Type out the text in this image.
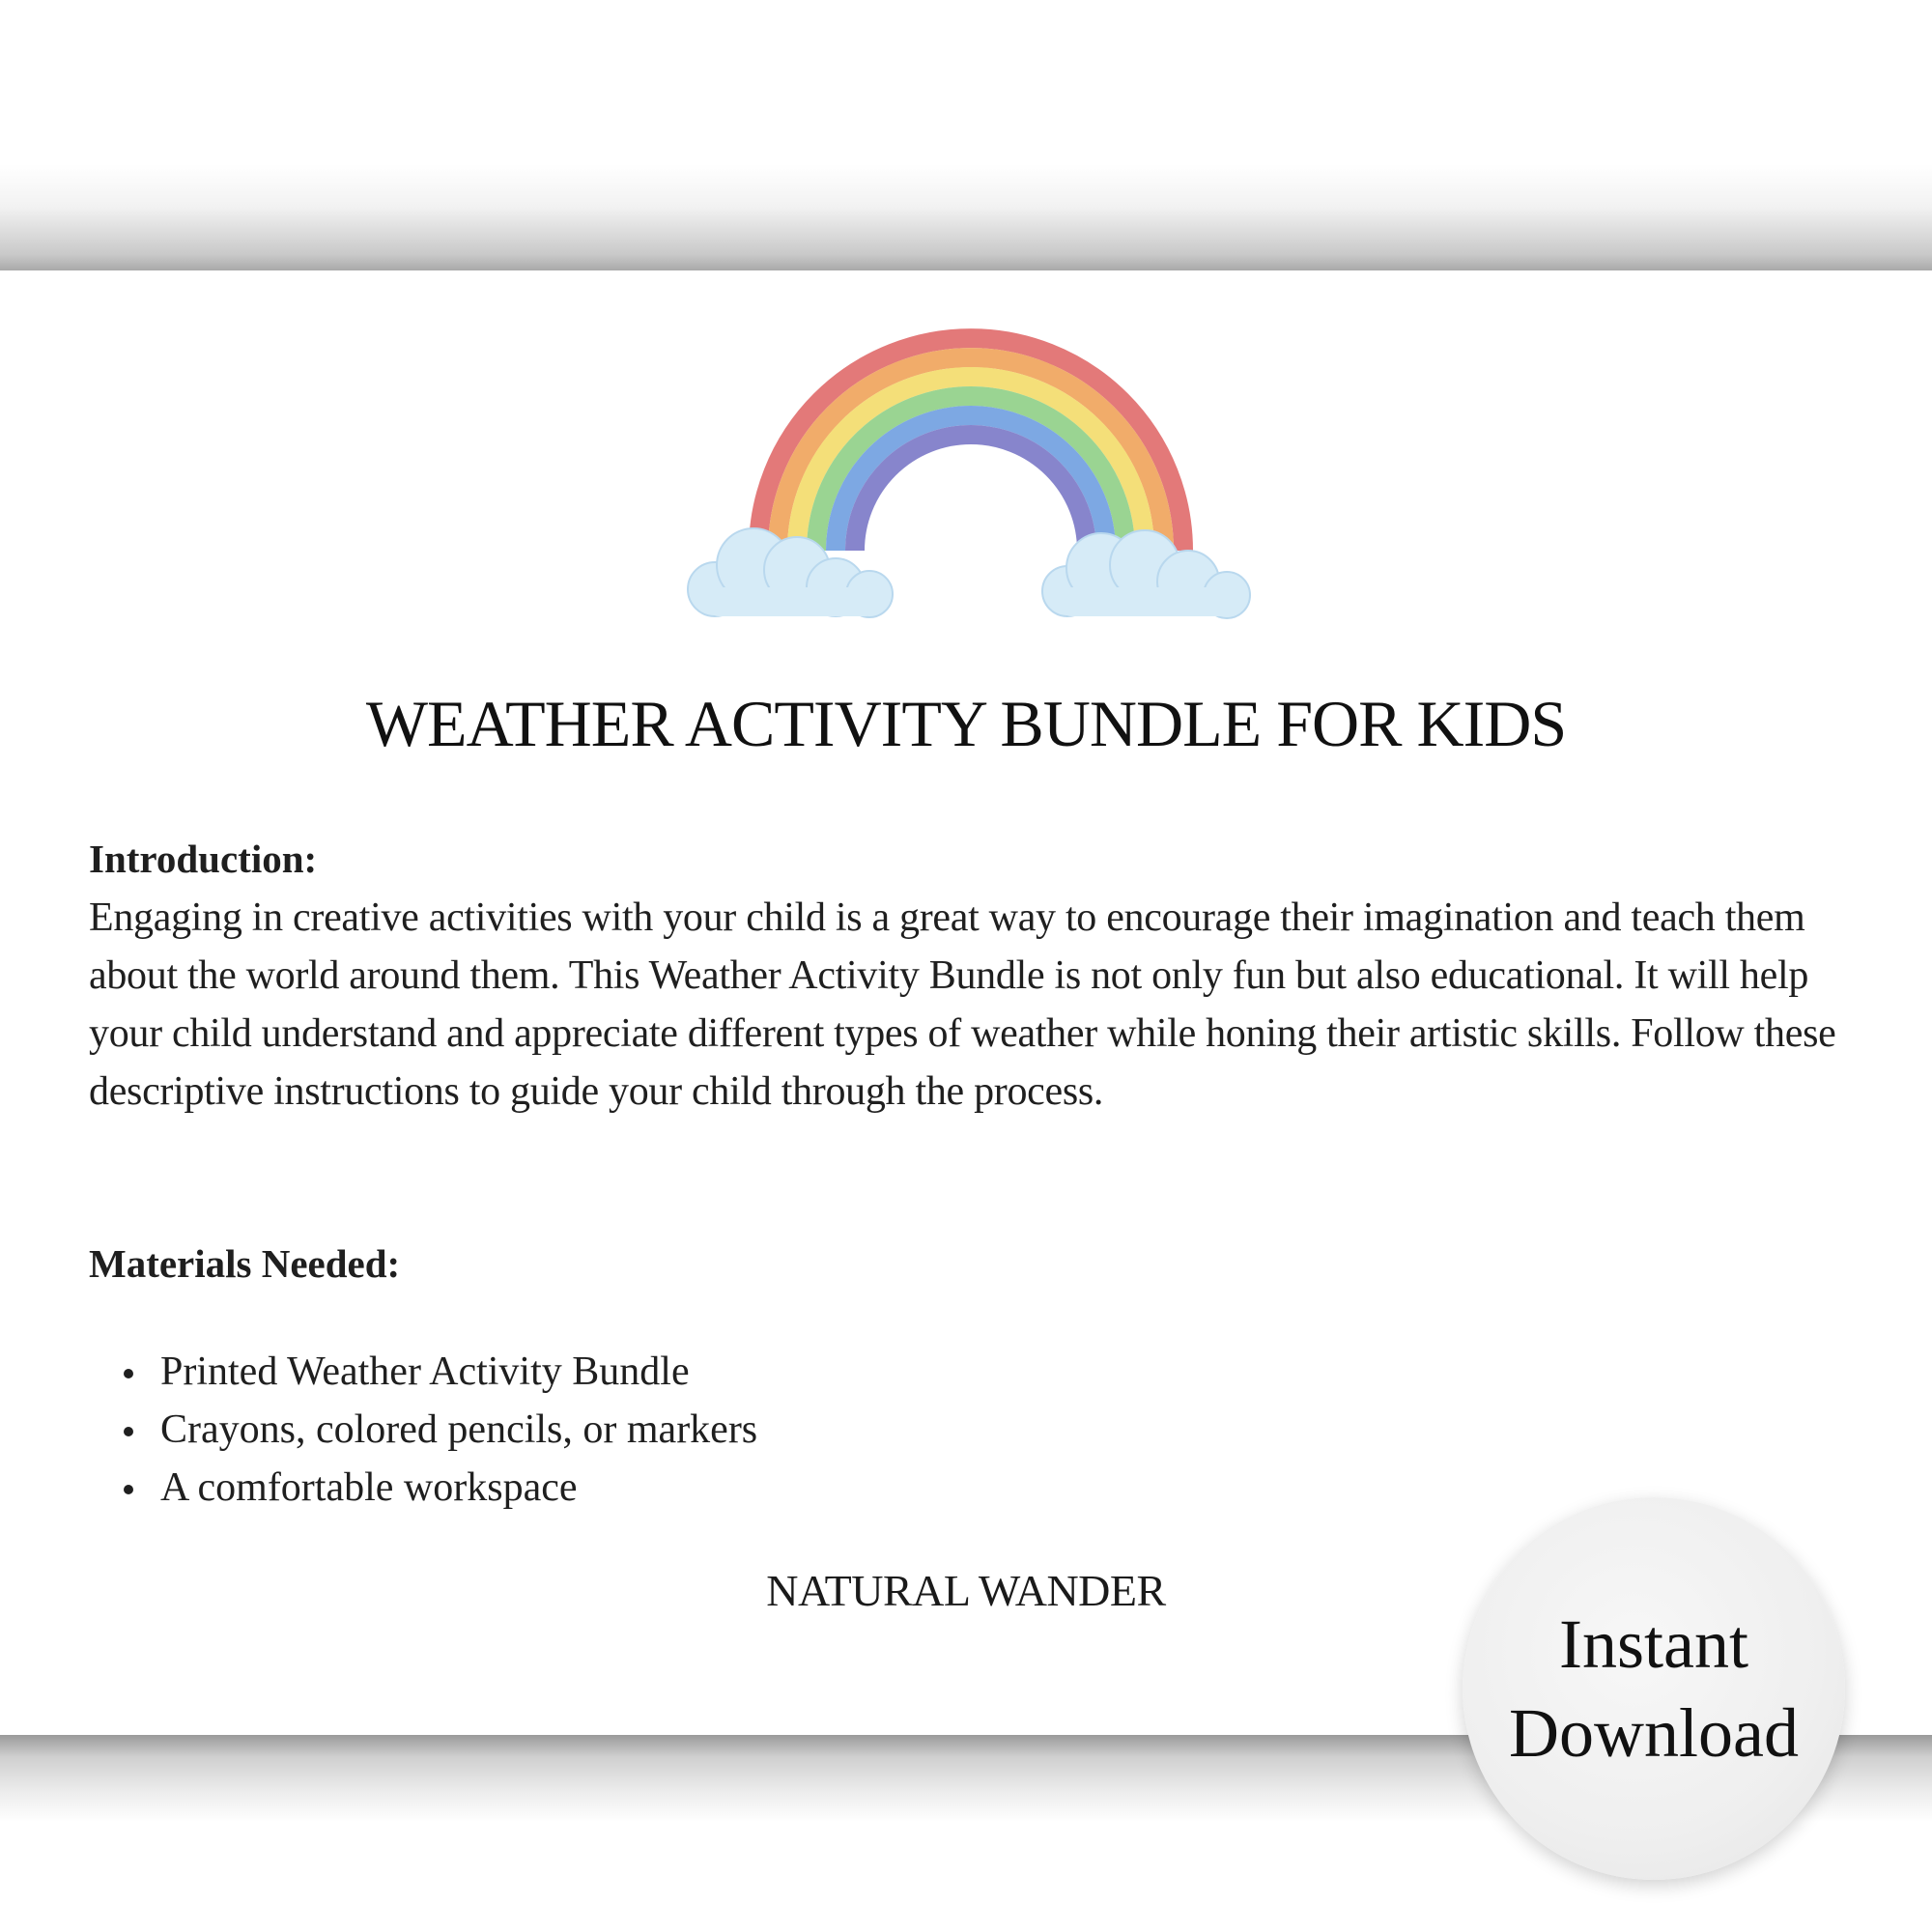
WEATHER ACTIVITY BUNDLE FOR KIDS
Introduction:
Engaging in creative activities with your child is a great way to encourage their imagination and teach them about the world around them. This Weather Activity Bundle is not only fun but also educational. It will help your child understand and appreciate different types of weather while honing their artistic skills. Follow these descriptive instructions to guide your child through the process.
Materials Needed:
Printed Weather Activity Bundle
Crayons, colored pencils, or markers
A comfortable workspace
NATURAL WANDER
Instant
Download
